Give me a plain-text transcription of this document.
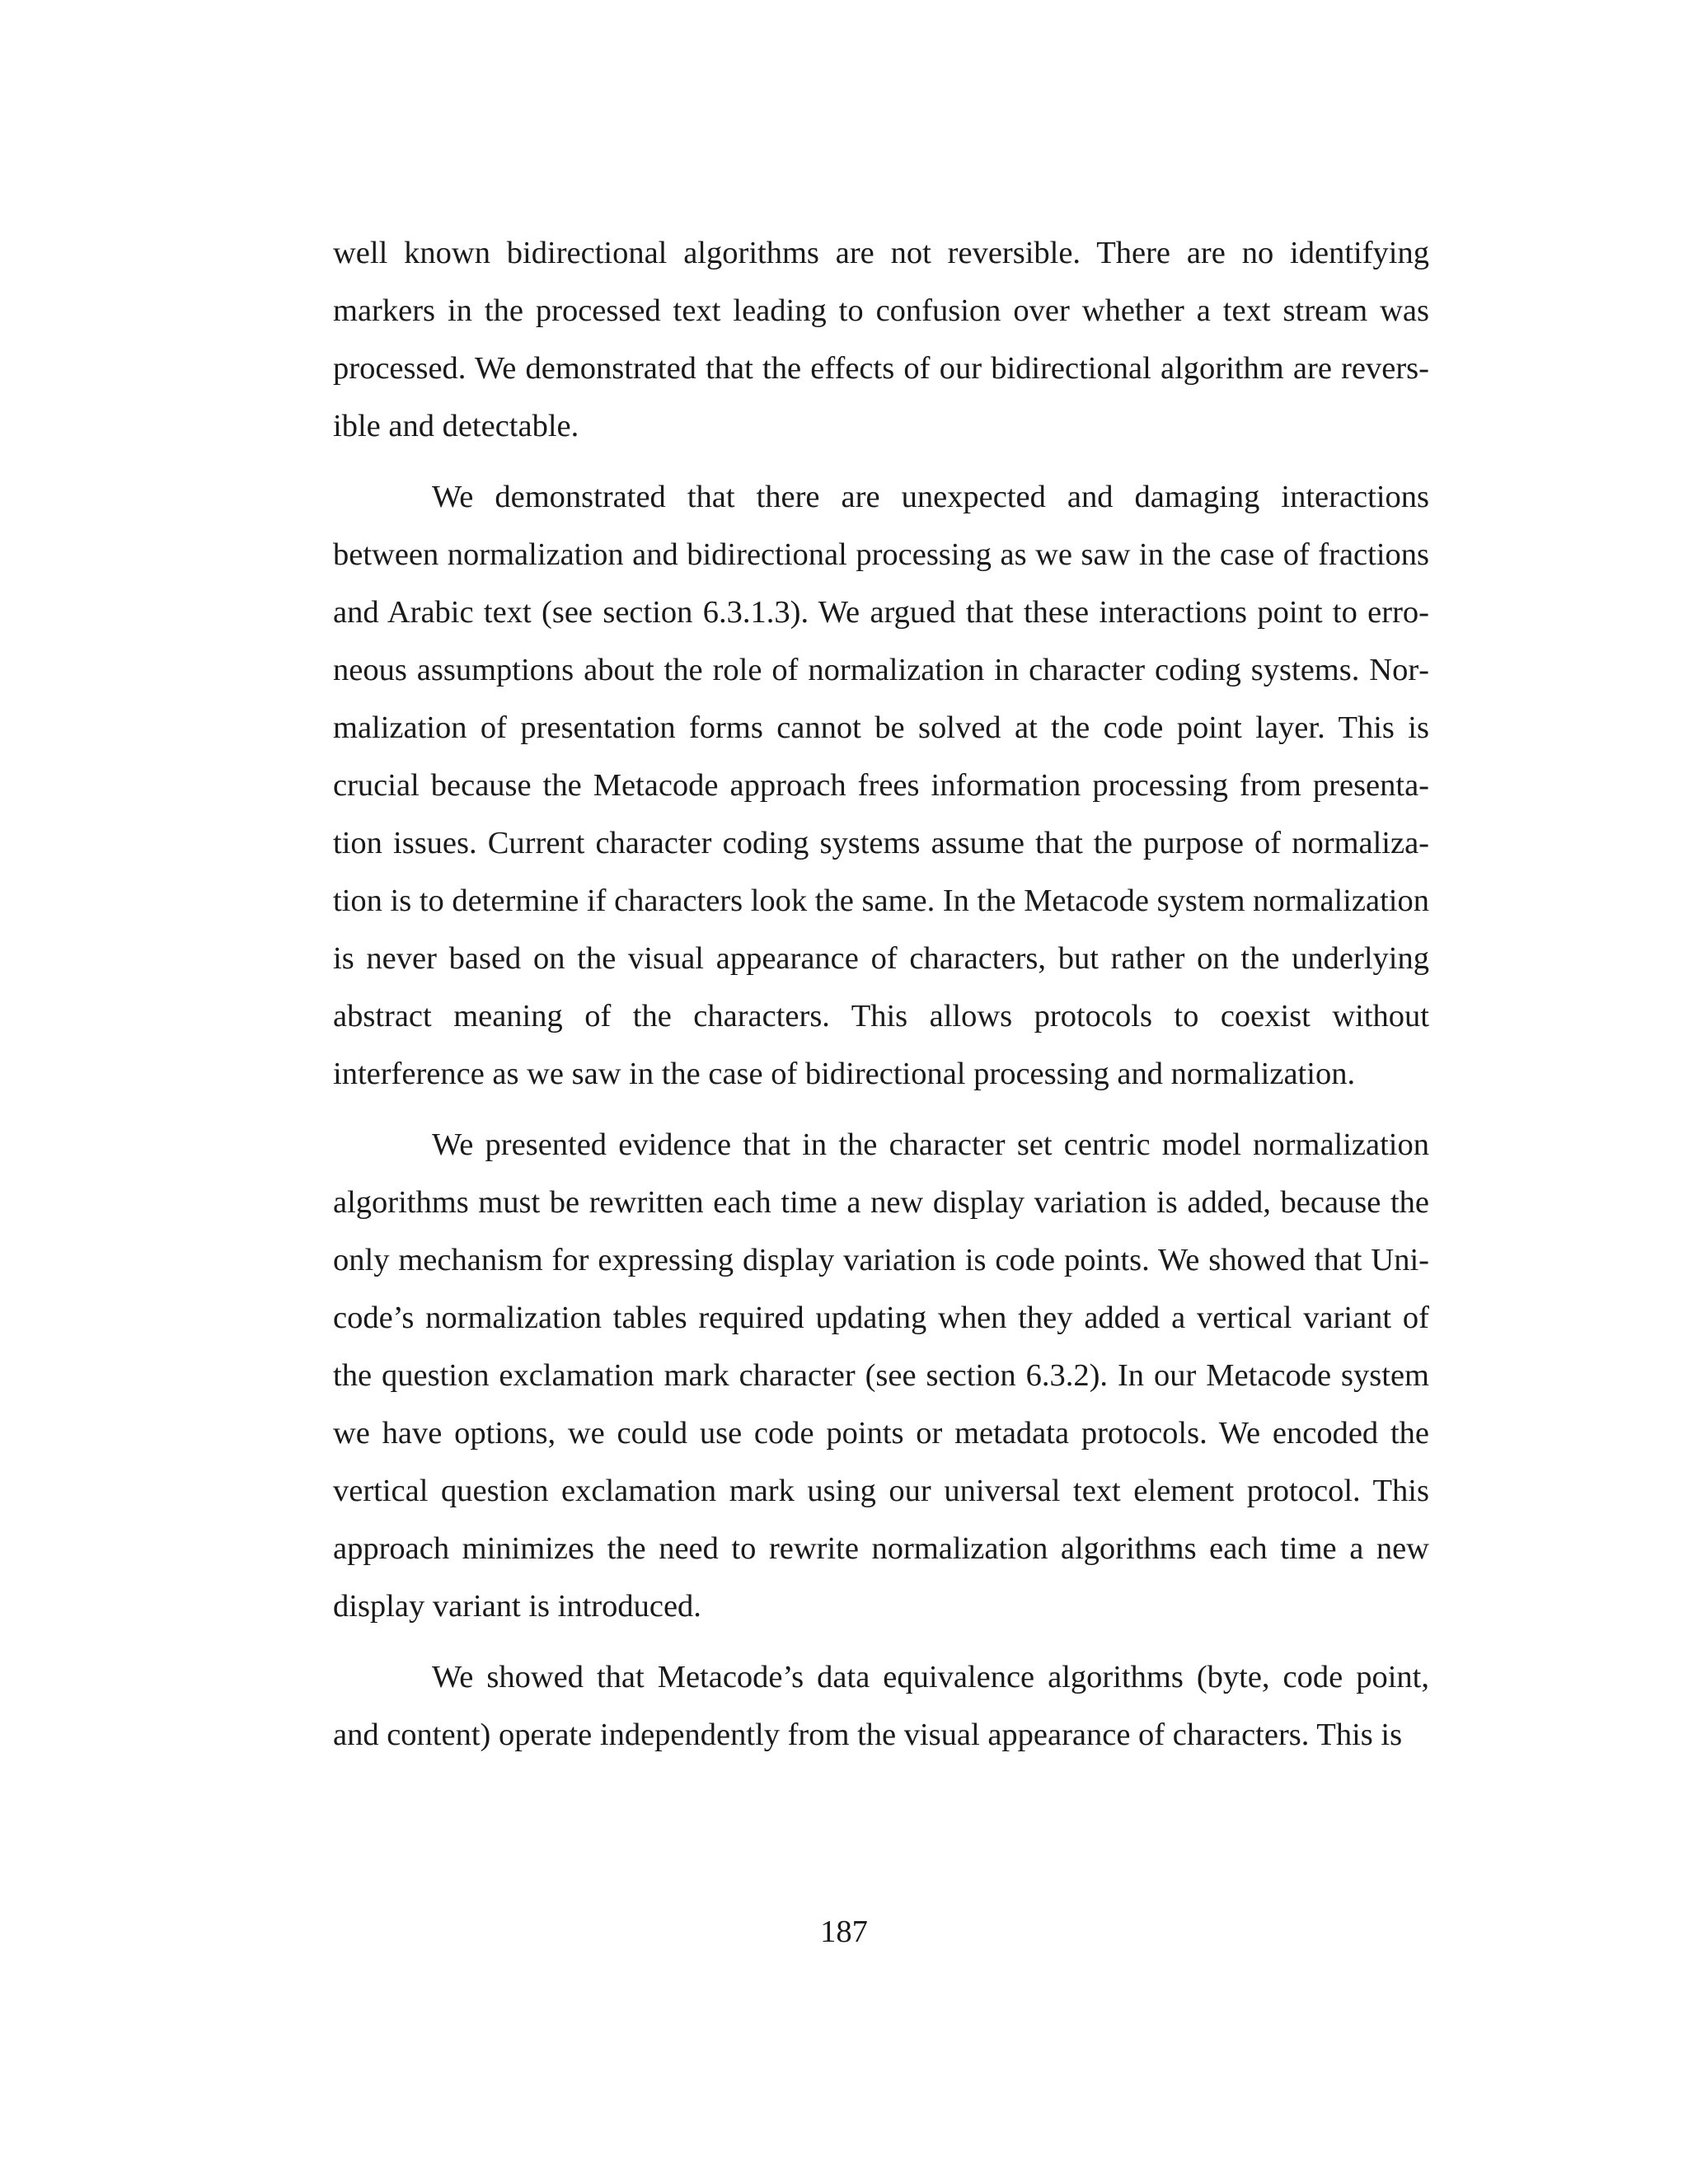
well known bidirectional algorithms are not reversible. There are no identifying markers in the processed text leading to confusion over whether a text stream was processed. We demonstrated that the effects of our bidirectional algorithm are reversible and detectable.

We demonstrated that there are unexpected and damaging interactions between normalization and bidirectional processing as we saw in the case of fractions and Arabic text (see section 6.3.1.3). We argued that these interactions point to erroneous assumptions about the role of normalization in character coding systems. Normalization of presentation forms cannot be solved at the code point layer. This is crucial because the Metacode approach frees information processing from presentation issues. Current character coding systems assume that the purpose of normalization is to determine if characters look the same. In the Metacode system normalization is never based on the visual appearance of characters, but rather on the underlying abstract meaning of the characters. This allows protocols to coexist without interference as we saw in the case of bidirectional processing and normalization.

We presented evidence that in the character set centric model normalization algorithms must be rewritten each time a new display variation is added, because the only mechanism for expressing display variation is code points. We showed that Unicode’s normalization tables required updating when they added a vertical variant of the question exclamation mark character (see section 6.3.2). In our Metacode system we have options, we could use code points or metadata protocols. We encoded the vertical question exclamation mark using our universal text element protocol. This approach minimizes the need to rewrite normalization algorithms each time a new display variant is introduced.

We showed that Metacode’s data equivalence algorithms (byte, code point, and content) operate independently from the visual appearance of characters. This is

187
